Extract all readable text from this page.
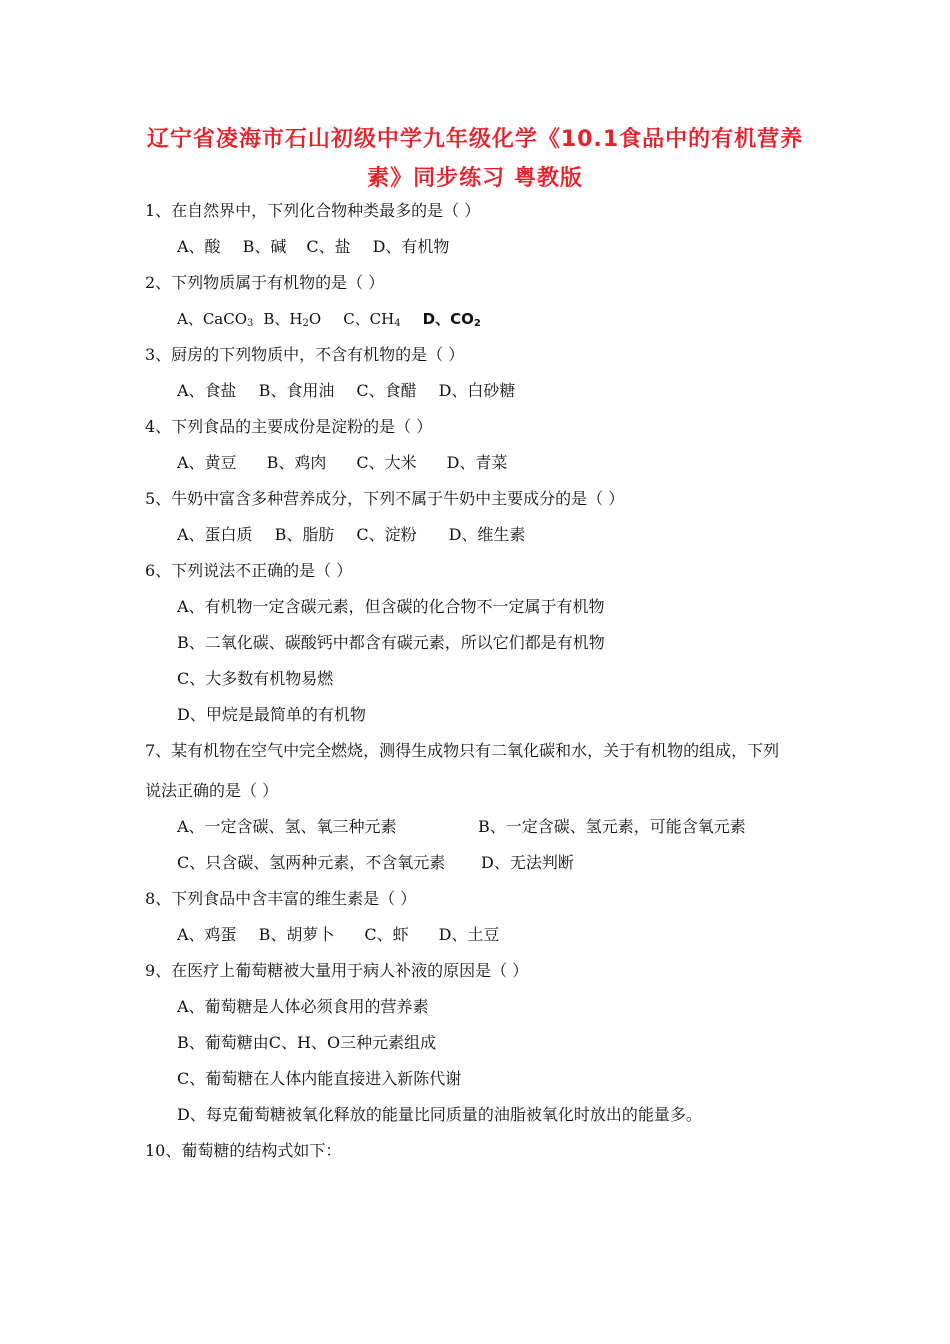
辽宁省凌海市石山初级中学九年级化学《10.1食品中的有机营养
素》同步练习 粤教版
1、在自然界中，下列化合物种类最多的是（ ）
A、酸 B、碱 C、盐 D、有机物
2、下列物质属于有机物的是（ ）
A、CaCO$_3$ B、$H_2O$ C、$CH_4$ D、$CO_2$
3、厨房的下列物质中，不含有机物的是（ ）
A、食盐 B、食用油 C、食醋 D、白砂糖
4、下列食品的主要成份是淀粉的是（ ）
A、黄豆 B、鸡肉 C、大米 D、青菜
5、牛奶中富含多种营养成分，下列不属于牛奶中主要成分的是（ ）
A、蛋白质 B、脂肪 C、淀粉 D、维生素
6、下列说法不正确的是（ ）
A、有机物一定含碳元素，但含碳的化合物不一定属于有机物
B、二氧化碳、碳酸钙中都含有碳元素，所以它们都是有机物
C、大多数有机物易燃
D、甲烷是最简单的有机物
7、某有机物在空气中完全燃烧，测得生成物只有二氧化碳和水，关于有机物的组成，下列
说法正确的是（ ）
A、一定含碳、氢、氧三种元素	B、一定含碳、氢元素，可能含氧元素
C、只含碳、氢两种元素，不含氧元素 D、无法判断
8、下列食品中含丰富的维生素是（ ）
A、鸡蛋 B、胡萝卜 C、虾 D、土豆
9、在医疗上葡萄糖被大量用于病人补液的原因是（ ）
A、葡萄糖是人体必须食用的营养素
B、葡萄糖由C、H、O三种元素组成
C、葡萄糖在人体内能直接进入新陈代谢
D、每克葡萄糖被氧化释放的能量比同质量的油脂被氧化时放出的能量多。
10、葡萄糖的结构式如下：
